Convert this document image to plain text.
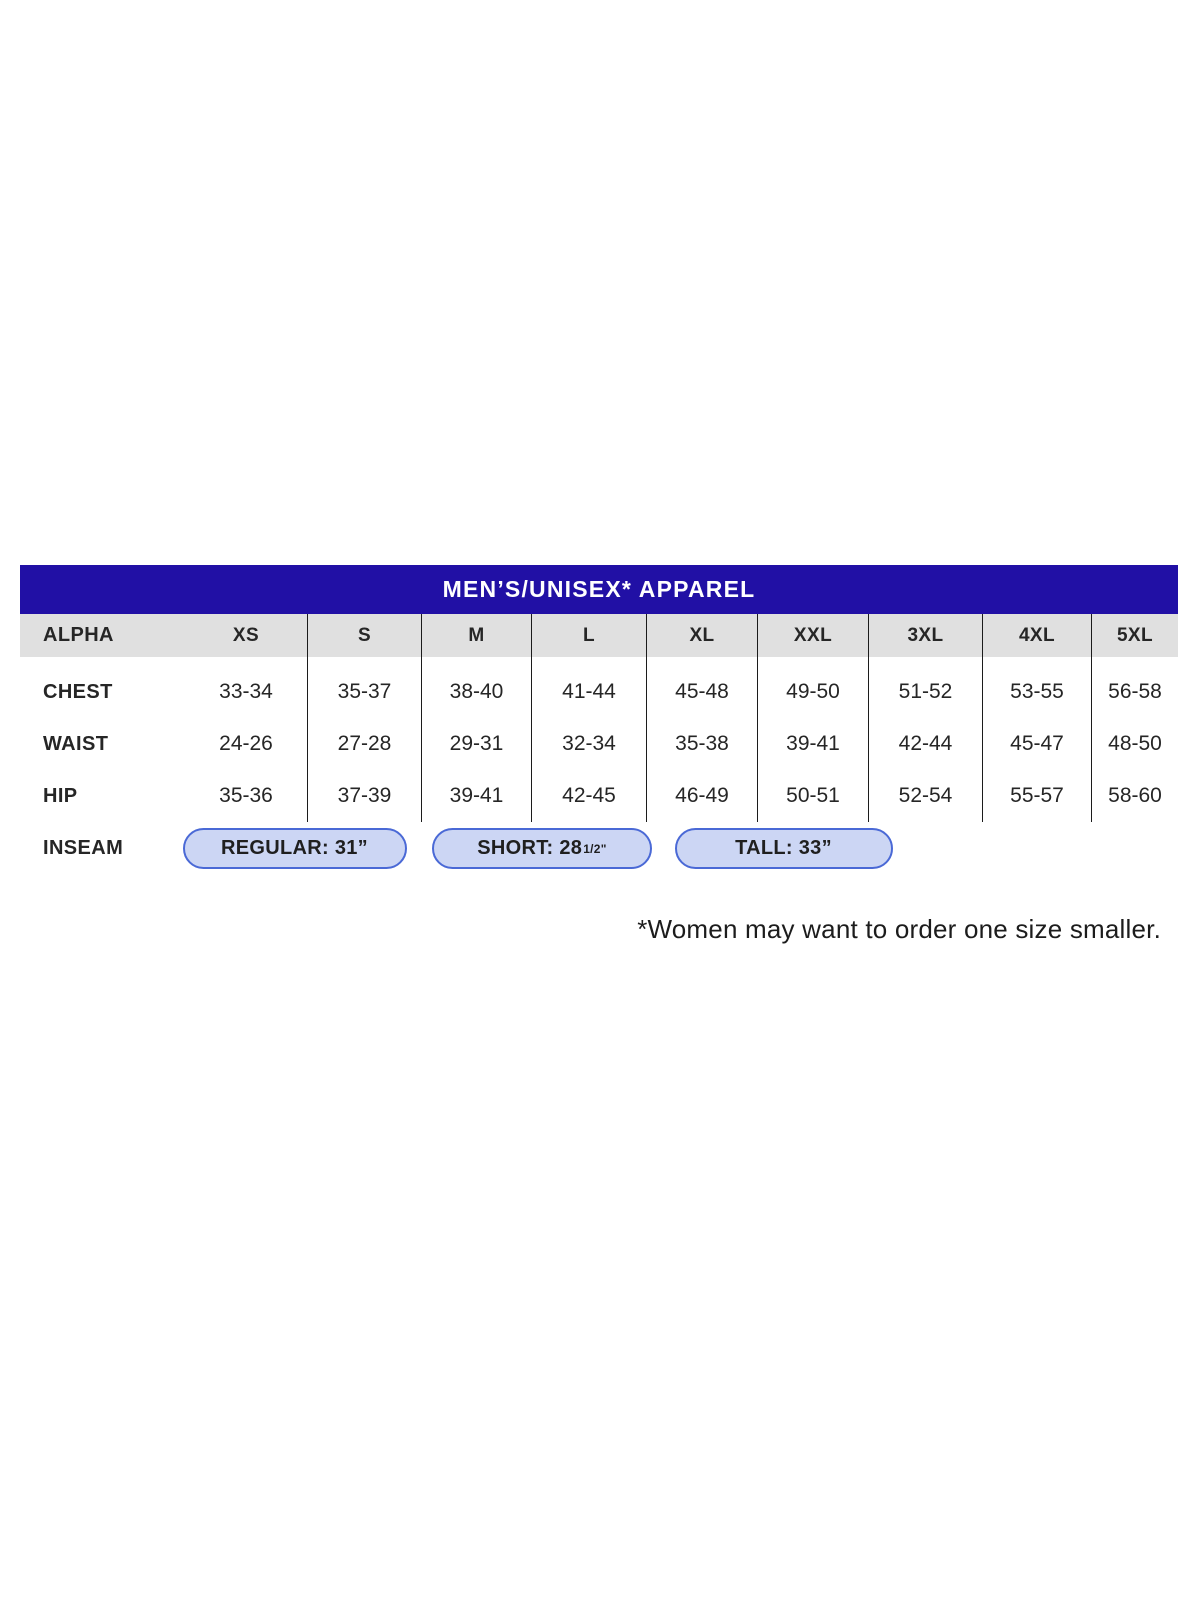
MEN’S/UNISEX* APPAREL
ALPHA	XS	S	M	L	XL	XXL	3XL	4XL	5XL
CHEST	33-34	35-37	38-40	41-44	45-48	49-50	51-52	53-55	56-58
WAIST	24-26	27-28	29-31	32-34	35-38	39-41	42-44	45-47	48-50
HIP	35-36	37-39	39-41	42-45	46-49	50-51	52-54	55-57	58-60
INSEAM	REGULAR: 31”	SHORT: 28 1/2"	TALL: 33”

*Women may want to order one size smaller.
